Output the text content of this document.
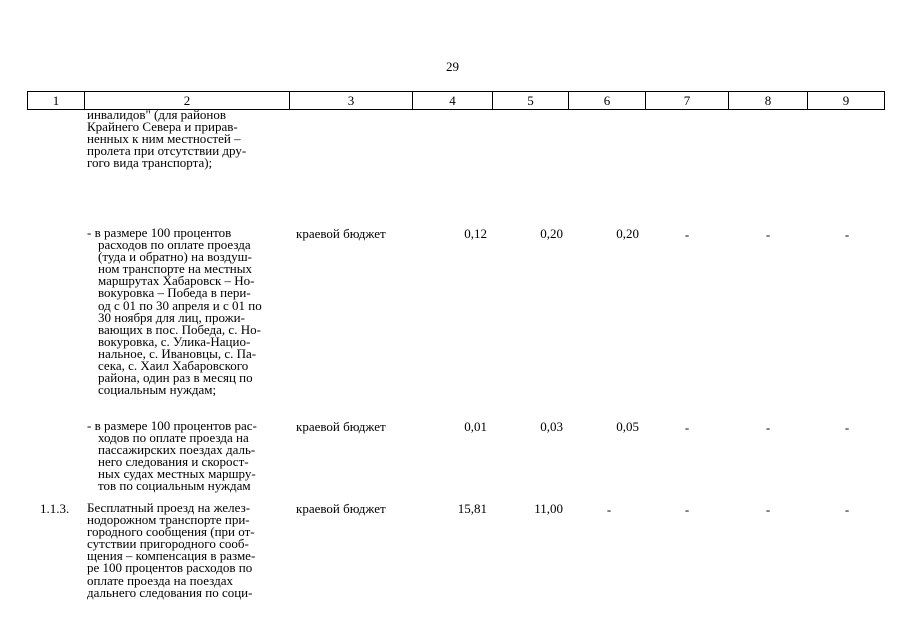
29
1	2	3	4	5	6	7	8	9
инвалидов" (для районов
Крайнего Севера и прирав-
ненных к ним местностей –
пролета при отсутствии дру-
гого вида транспорта);
- в размере 100 процентов
расходов по оплате проезда
(туда и обратно) на воздуш-
ном транспорте на местных
маршрутах Хабаровск – Но-
вокуровка – Победа в пери-
од с 01 по 30 апреля и с 01 по
30 ноября для лиц, прожи-
вающих в пос. Победа, с. Но-
вокуровка, с. Улика-Нацио-
нальное, с. Ивановцы, с. Па-
сека, с. Хаил Хабаровского
района, один раз в месяц по
социальным нуждам;
краевой бюджет	0,12	0,20	0,20	-	-	-
- в размере 100 процентов рас-
ходов по оплате проезда на
пассажирских поездах даль-
него следования и скорост-
ных судах местных маршру-
тов по социальным нуждам
краевой бюджет	0,01	0,03	0,05	-	-	-
1.1.3. Бесплатный проезд на желез-
нодорожном транспорте при-
городного сообщения (при от-
сутствии пригородного сооб-
щения – компенсация в разме-
ре 100 процентов расходов по
оплате проезда на поездах
дальнего следования по соци-
краевой бюджет	15,81	11,00	-	-	-	-
